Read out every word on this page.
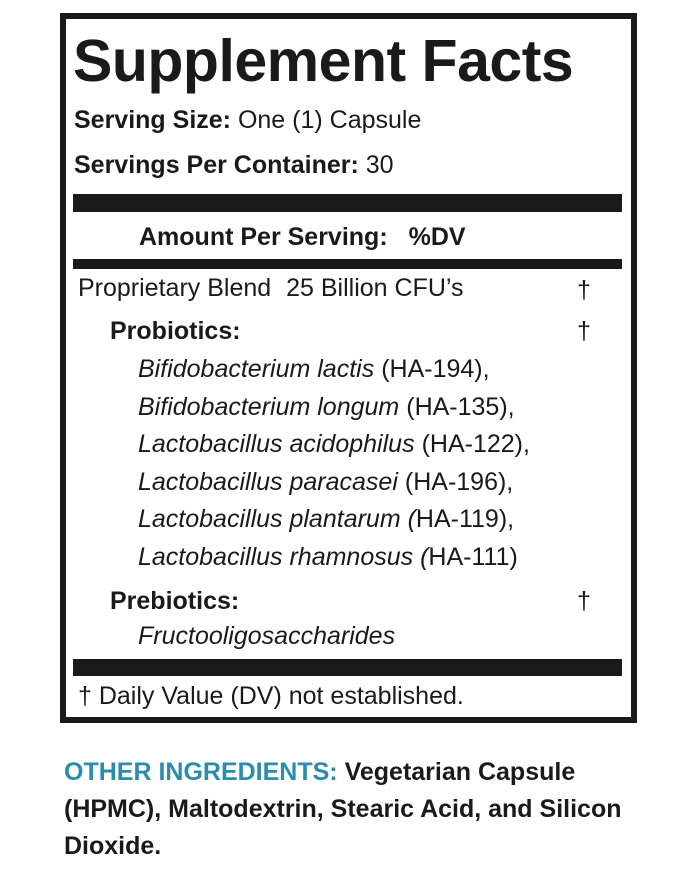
Supplement Facts
Serving Size: One (1) Capsule
Servings Per Container: 30
Amount Per Serving: %DV
Proprietary Blend 25 Billion CFU’s	†
Probiotics:	†
Bifidobacterium lactis (HA-194),
Bifidobacterium longum (HA-135),
Lactobacillus acidophilus (HA-122),
Lactobacillus paracasei (HA-196),
Lactobacillus plantarum (HA-119),
Lactobacillus rhamnosus (HA-111)
Prebiotics:	†
Fructooligosaccharides
† Daily Value (DV) not established.
OTHER INGREDIENTS: Vegetarian Capsule (HPMC), Maltodextrin, Stearic Acid, and Silicon Dioxide.
